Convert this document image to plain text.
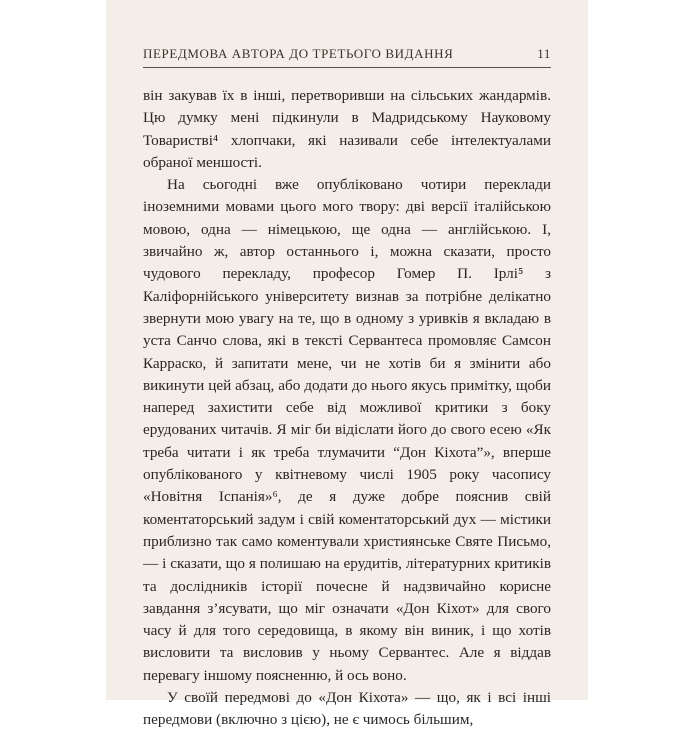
ПЕРЕДМОВА АВТОРА ДО ТРЕТЬОГО ВИДАННЯ	11

він закував їх в інші, перетворивши на сільських жандармів. Цю думку мені підкинули в Мадридському Науковому Товаристві⁴ хлопчаки, які називали себе інтелектуалами обраної меншості.

На сьогодні вже опубліковано чотири переклади іноземними мовами цього мого твору: дві версії італійською мовою, одна — німецькою, ще одна — англійською. І, звичайно ж, автор останнього і, можна сказати, просто чудового перекладу, професор Гомер П. Ірлі⁵ з Каліфорнійського університету визнав за потрібне делікатно звернути мою увагу на те, що в одному з уривків я вкладаю в уста Санчо слова, які в тексті Сервантеса промовляє Самсон Карраско, й запитати мене, чи не хотів би я змінити або викинути цей абзац, або додати до нього якусь примітку, щоби наперед захистити себе від можливої критики з боку ерудованих читачів. Я міг би відіслати його до свого есею «Як треба читати і як треба тлумачити “Дон Кіхота”», вперше опублікованого у квітневому числі 1905 року часопису «Новітня Іспанія»⁶, де я дуже добре пояснив свій коментаторський задум і свій коментаторський дух — містики приблизно так само коментували християнське Святе Письмо, — і сказати, що я полишаю на ерудитів, літературних критиків та дослідників історії почесне й надзвичайно корисне завдання з’ясувати, що міг означати «Дон Кіхот» для свого часу й для того середовища, в якому він виник, і що хотів висловити та висловив у ньому Сервантес. Але я віддав перевагу іншому поясненню, й ось воно.

У своїй передмові до «Дон Кіхота» — що, як і всі інші передмови (включно з цією), не є чимось більшим,
